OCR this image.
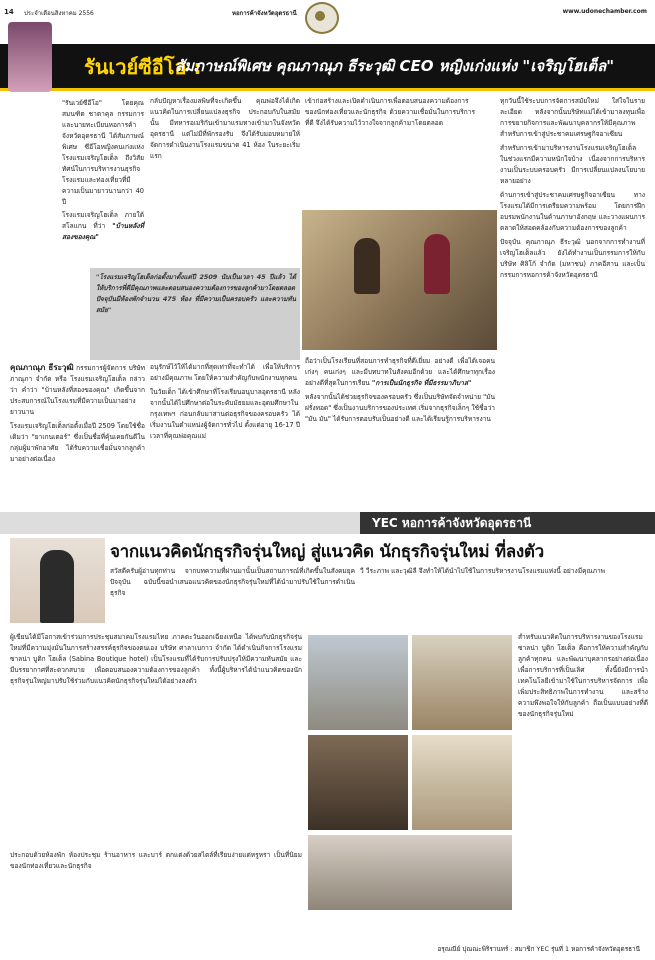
14 ประจำเดือนสิงหาคม 2556	หอการค้าจังหวัดอุดรธานี	www.udonechamber.com
รันเวย์ซีอีโอ :
สัมภาษณ์พิเศษ คุณภาณุภ ธีระวุฒิ CEO หญิงเก่งแห่ง "เจริญโฮเต็ล"

"รันเวย์ซีอีโอ" โดยคุณสมนฑิต ชาตาคุล กรรมการและนายทะเบียนหอการค้าจังหวัดอุดรธานี ได้สัมภาษณ์พิเศษ ซีอีโอหญิงคนเก่งแห่งโรงแรมเจริญโฮเต็ล ถึงวิสัยทัศน์ในการบริหารงานธุรกิจโรงแรมและท่องเที่ยวที่มีความเป็นมายาวนานกว่า 40 ปี

โรงแรมเจริญโฮเต็ล ภายใต้สโลแกน ที่ว่า "บ้านหลังที่สองของคุณ"

กลับปัญหาเรื่องมลพิษที่จะเกิดขึ้น คุณพ่อจึงได้เกิดแนวคิดในการเปลี่ยนแปลงธุรกิจ ประกอบกับในสมัยนั้น มีทหารอเมริกันเข้ามาแรมทางเข้ามาในจังหวัดอุดรธานี แต่ไม่มีที่พักรองรับ จึงได้รับมอบหมายให้จัดการดำเนินงานโรงแรมขนาด 41 ห้อง ในระยะเริ่มแรก

เข้าก่อสร้างและเปิดดำเนินการเพื่อตอบสนองความต้องการของนักท่องเที่ยวและนักธุรกิจ ด้วยความเชื่อมั่นในการบริการที่ดี จึงได้รับความไว้วางใจจากลูกค้ามาโดยตลอด

ทุกวันนี้ใช้ระบบการจัดการสมัยใหม่ ใส่ใจในรายละเอียด หลังจากนั้นบริษัทแม่ได้เข้ามาลงทุนเพื่อการขยายกิจการและพัฒนาบุคลากรให้มีคุณภาพสำหรับการเข้าสู่ประชาคมเศรษฐกิจอาเซียน

สำหรับการเข้ามาบริหารงานโรงแรมเจริญโฮเต็ล ในช่วงแรกมีความหนักใจบ้าง เนื่องจากการบริหารงานเป็นระบบครอบครัว มีการเปลี่ยนแปลงนโยบายหลายอย่าง

ด้านการเข้าสู่ประชาคมเศรษฐกิจอาเซียน ทางโรงแรมได้มีการเตรียมความพร้อม โดยการฝึกอบรมพนักงานในด้านภาษาอังกฤษ และวางแผนการตลาดให้สอดคล้องกับความต้องการของลูกค้า

ปัจจุบัน คุณภาณุภ ธีระวุฒิ นอกจากการทำงานที่เจริญโฮเต็ลแล้ว ยังได้ทำงานเป็นกรรมการให้กับ บริษัท ศิลิโก้ จำกัด (มหาชน) ภาคอีสาน และเป็นกรรมการหอการค้าจังหวัดอุดรธานี

"โรงแรมเจริญโฮเต็ลก่อตั้งมาตั้งแต่ปี 2509 นับเป็นเวลา 45 ปีแล้ว ได้ให้บริการที่ดีมีคุณภาพและตอบสนองความต้องการของลูกค้ามาโดยตลอด ปัจจุบันมีห้องพักจำนวน 475 ห้อง ที่มีความเป็นครอบครัว และความทันสมัย"

คุณภาณุภ ธีระวุฒิ กรรมการผู้จัดการ บริษัท ภาณุภา จำกัด หรือ โรงแรมเจริญโฮเต็ล กล่าวว่า คำว่า "บ้านหลังที่สองของคุณ" เกิดขึ้นจากประสบการณ์ในโรงแรมที่มีความเป็นมาอย่างยาวนาน

โรงแรมเจริญโฮเต็ลก่อตั้งเมื่อปี 2509 โดยใช้ชื่อเดิมว่า "ยาเกนเตอร์" ซึ่งเป็นชื่อที่คุ้นเคยกันดีในกลุ่มผู้มาพักอาศัย ได้รับความเชื่อมั่นจากลูกค้ามาอย่างต่อเนื่อง

อนุรักษ์ไว้ให้ได้มากที่สุดเท่าที่จะทำได้ เพื่อให้บริการอย่างมีคุณภาพ โดยให้ความสำคัญกับพนักงานทุกคน

ในวัยเด็ก ได้เข้าศึกษาที่โรงเรียนอนุบาลอุดรธานี หลังจากนั้นได้ไปศึกษาต่อในระดับมัธยมและอุดมศึกษาในกรุงเทพฯ ก่อนกลับมาสานต่อธุรกิจของครอบครัว ได้เริ่มงานในตำแหน่งผู้จัดการทั่วไป ตั้งแต่อายุ 16-17 ปี เวลาที่คุณพ่อคุณแม่

ถือว่าเป็นโรงเรียนที่สอนการทำธุรกิจที่ดีเยี่ยม อย่างดี เพื่อได้เจอคนเก่งๆ คนเก่งๆ และมีบทบาทในสังคมอีกด้วย และได้ศึกษาทุกเรื่อง อย่างดีที่สุดในการเรียน "การเป็นนักธุรกิจ ที่มีธรรมาภิบาล"

หลังจากนั้นได้ช่วยธุรกิจของครอบครัว ซึ่งเป็นบริษัทจัดจำหน่าย "มันฝรั่งทอด" ซึ่งเป็นงานบริการของประเทศ เริ่มจากธุรกิจเล็กๆ ใช้ชื่อว่า "มัน มัน" ได้รับการตอบรับเป็นอย่างดี และได้เรียนรู้การบริหารงาน

YEC หอการค้าจังหวัดอุดรธานี
จากแนวคิดนักธุรกิจรุ่นใหญ่ สู่แนวคิด นักธุรกิจรุ่นใหม่ ที่ลงตัว

สวัสดีครับผู้อ่านทุกท่าน จากบทความที่ผ่านมานั้นเป็นสถานการณ์ที่เกิดขึ้นในสังคมยุคปัจจุบัน ฉบับนี้ขอนำเสนอแนวคิดของนักธุรกิจรุ่นใหม่ที่ได้นำมาปรับใช้ในการดำเนินธุรกิจ

วี วีระภาพ และวุฒิลี จึงทำให้ได้นำไปใช้ในการบริหารงานโรงแรมแห่งนี้ อย่างมีคุณภาพ

ผู้เขียนได้มีโอกาสเข้าร่วมการประชุมสมาคมโรงแรมไทย ภาคตะวันออกเฉียงเหนือ ได้พบกับนักธุรกิจรุ่นใหม่ที่มีความมุ่งมั่นในการสร้างสรรค์ธุรกิจของตนเอง บริษัท ศาลาเบกาว จำกัด ได้ดำเนินกิจการโรงแรม ซาลน่า บูติก โฮเต็ล (Sabina Boutique hotel) เป็นโรงแรมที่ได้รับการปรับปรุงให้มีความทันสมัย และมีบรรยากาศที่สะดวกสบาย เพื่อตอบสนองความต้องการของลูกค้า ทั้งนี้ผู้บริหารได้นำแนวคิดของนักธุรกิจรุ่นใหญ่มาปรับใช้ร่วมกับแนวคิดนักธุรกิจรุ่นใหม่ได้อย่างลงตัว

ประกอบด้วยห้องพัก ห้องประชุม ร้านอาหาร และบาร์ ตกแต่งด้วยสไตล์ที่เรียบง่ายแต่หรูหรา เป็นที่นิยมของนักท่องเที่ยวและนักธุรกิจ

สำหรับแนวคิดในการบริหารงานของโรงแรม ซาลน่า บูติก โฮเต็ล คือการให้ความสำคัญกับลูกค้าทุกคน และพัฒนาบุคลากรอย่างต่อเนื่อง เพื่อการบริการที่เป็นเลิศ ทั้งนี้ยังมีการนำเทคโนโลยีเข้ามาใช้ในการบริหารจัดการ เพื่อเพิ่มประสิทธิภาพในการทำงาน และสร้างความพึงพอใจให้กับลูกค้า ถือเป็นแบบอย่างที่ดีของนักธุรกิจรุ่นใหม่

อรุณณีย์ ปุณณะพิริรานทร์ : สมาชิก YEC รุ่นที่ 1 หอการค้าจังหวัดอุดรธานี
